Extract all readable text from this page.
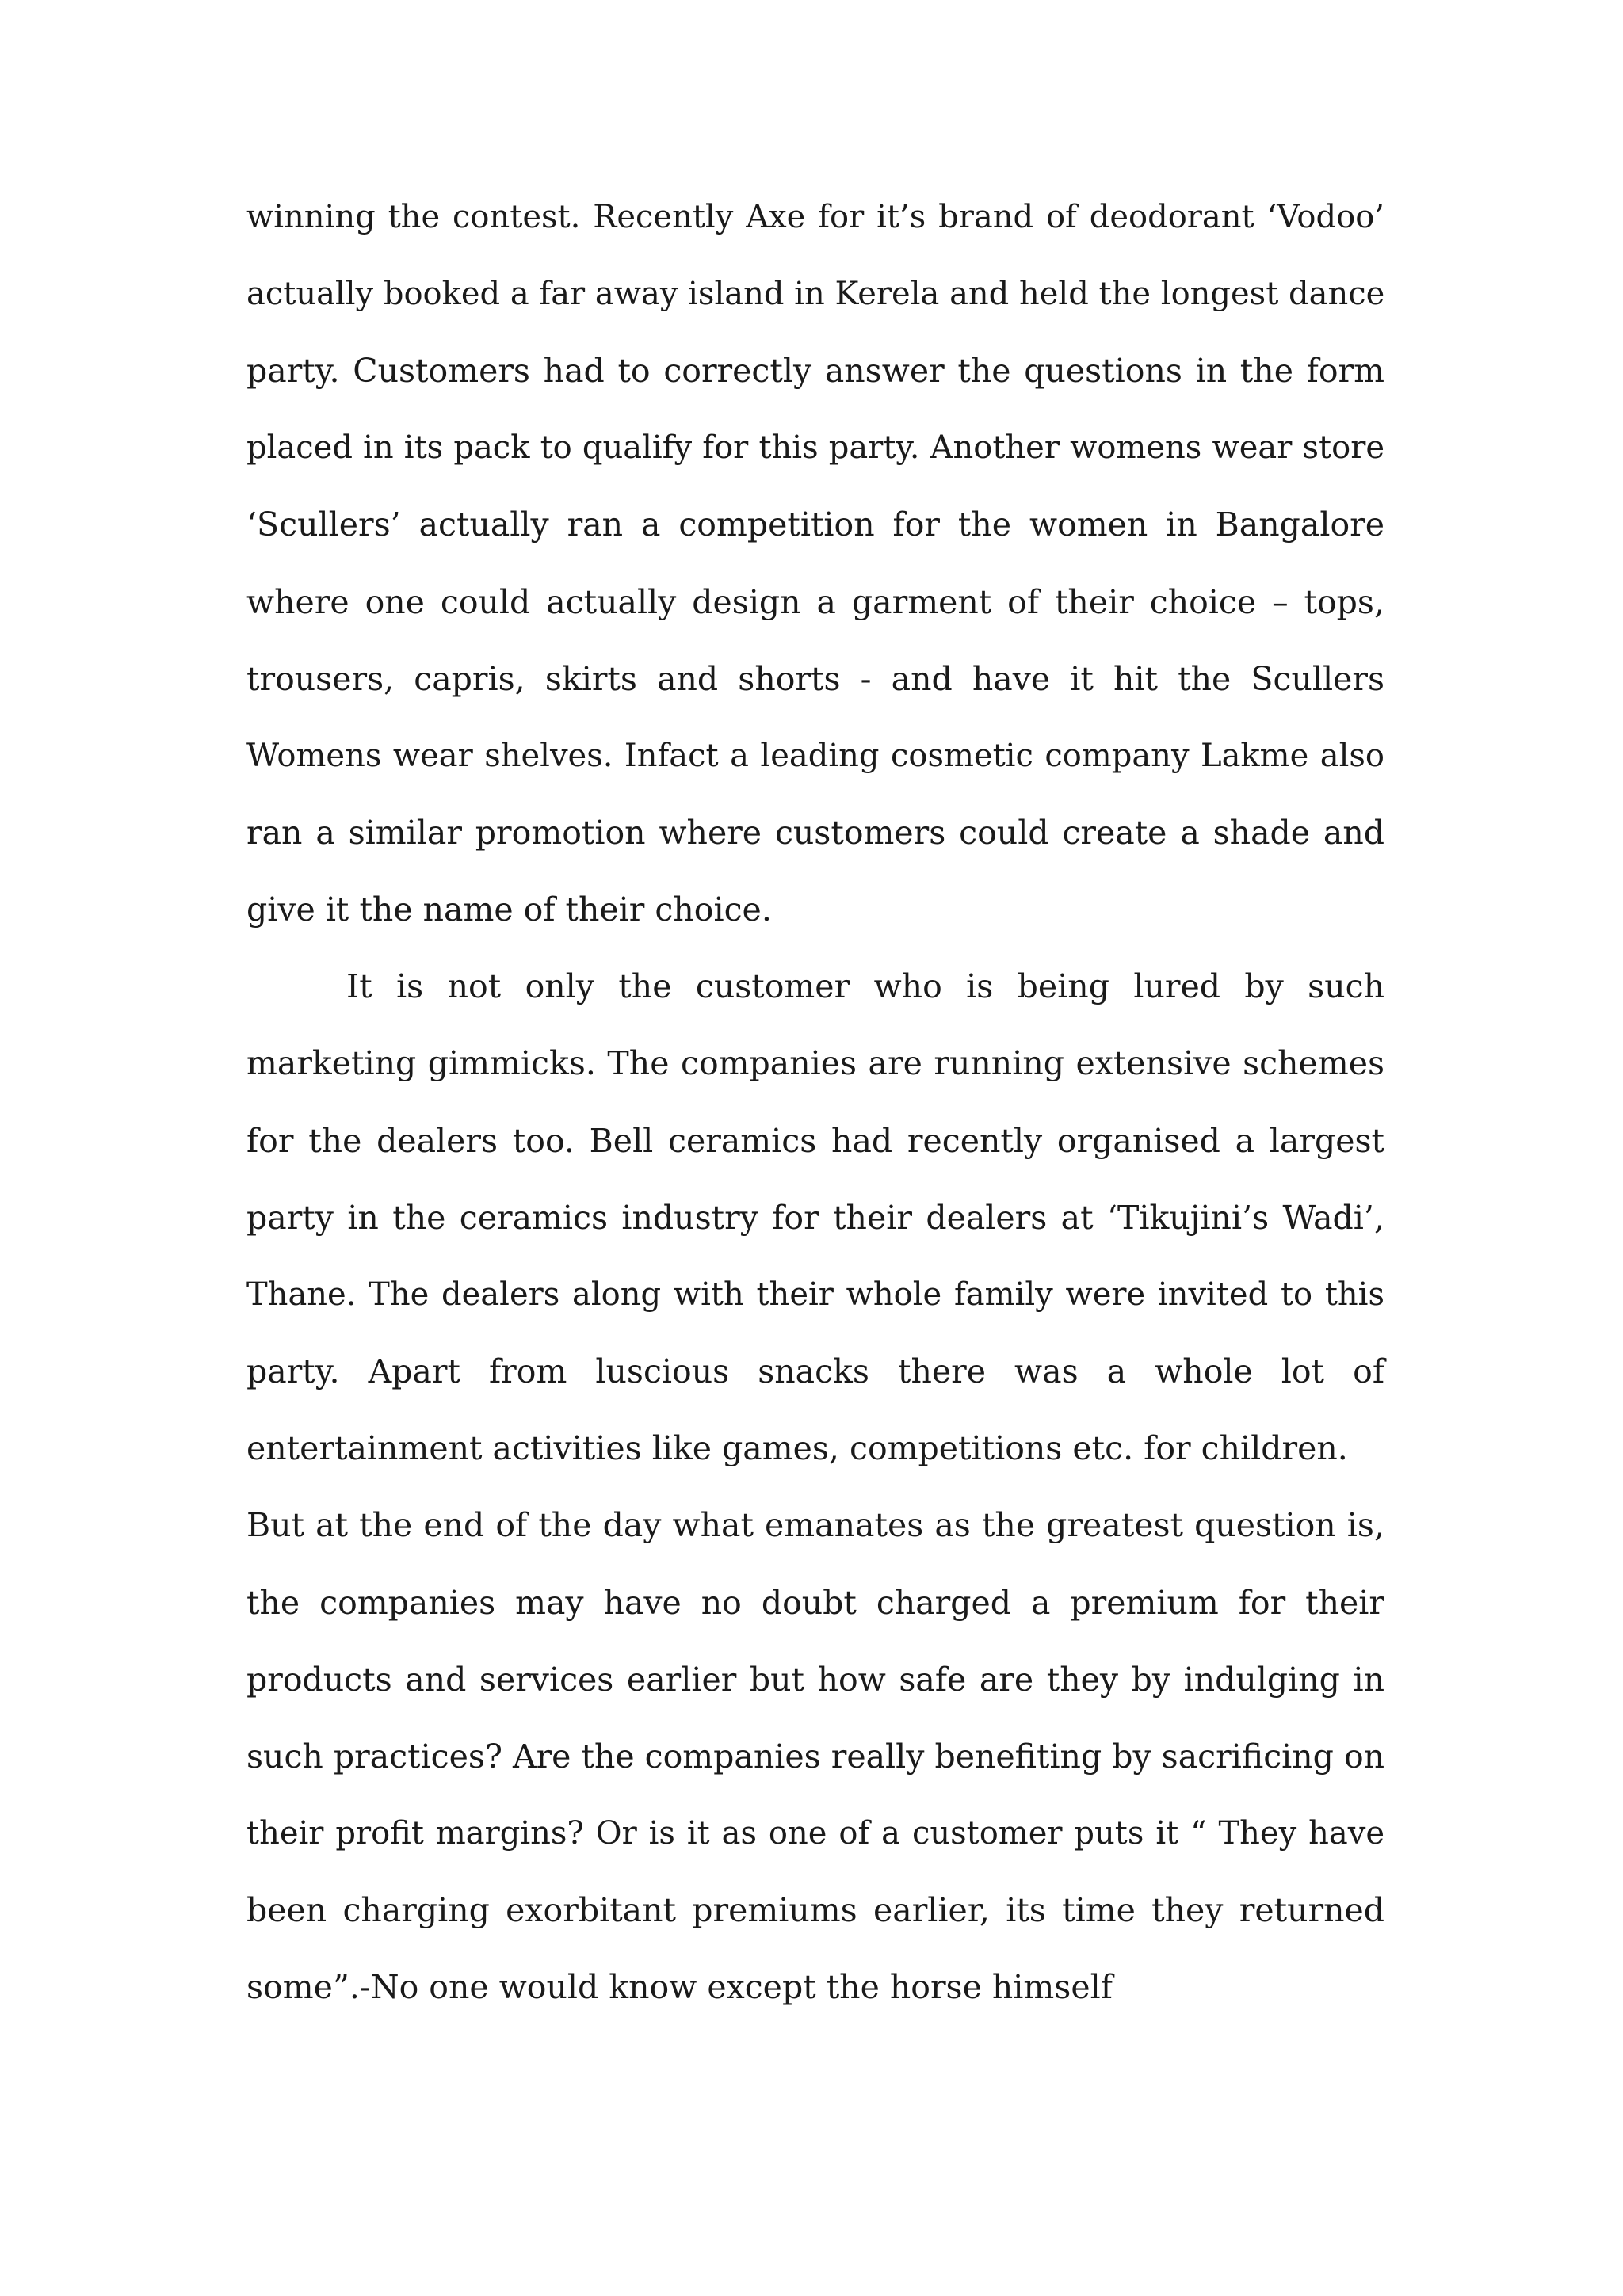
winning the contest. Recently Axe for it’s brand of deodorant ‘Vodoo’
actually booked a far away island in Kerela and held the longest dance
party. Customers had to correctly answer the questions in the form
placed in its pack to qualify for this party. Another womens wear store
‘Scullers’ actually ran a competition for the women in Bangalore
where one could actually design a garment of their choice – tops,
trousers, capris, skirts and shorts - and have it hit the Scullers
Womens wear shelves. Infact a leading cosmetic company Lakme also
ran a similar promotion where customers could create a shade and
give it the name of their choice.
It is not only the customer who is being lured by such
marketing gimmicks. The companies are running extensive schemes
for the dealers too. Bell ceramics had recently organised a largest
party in the ceramics industry for their dealers at ‘Tikujini’s Wadi’,
Thane. The dealers along with their whole family were invited to this
party. Apart from luscious snacks there was a whole lot of
entertainment activities like games, competitions etc. for children.
But at the end of the day what emanates as the greatest question is,
the companies may have no doubt charged a premium for their
products and services earlier but how safe are they by indulging in
such practices? Are the companies really benefiting by sacrificing on
their profit margins? Or is it as one of a customer puts it “ They have
been charging exorbitant premiums earlier, its time they returned
some”.-No one would know except the horse himself
